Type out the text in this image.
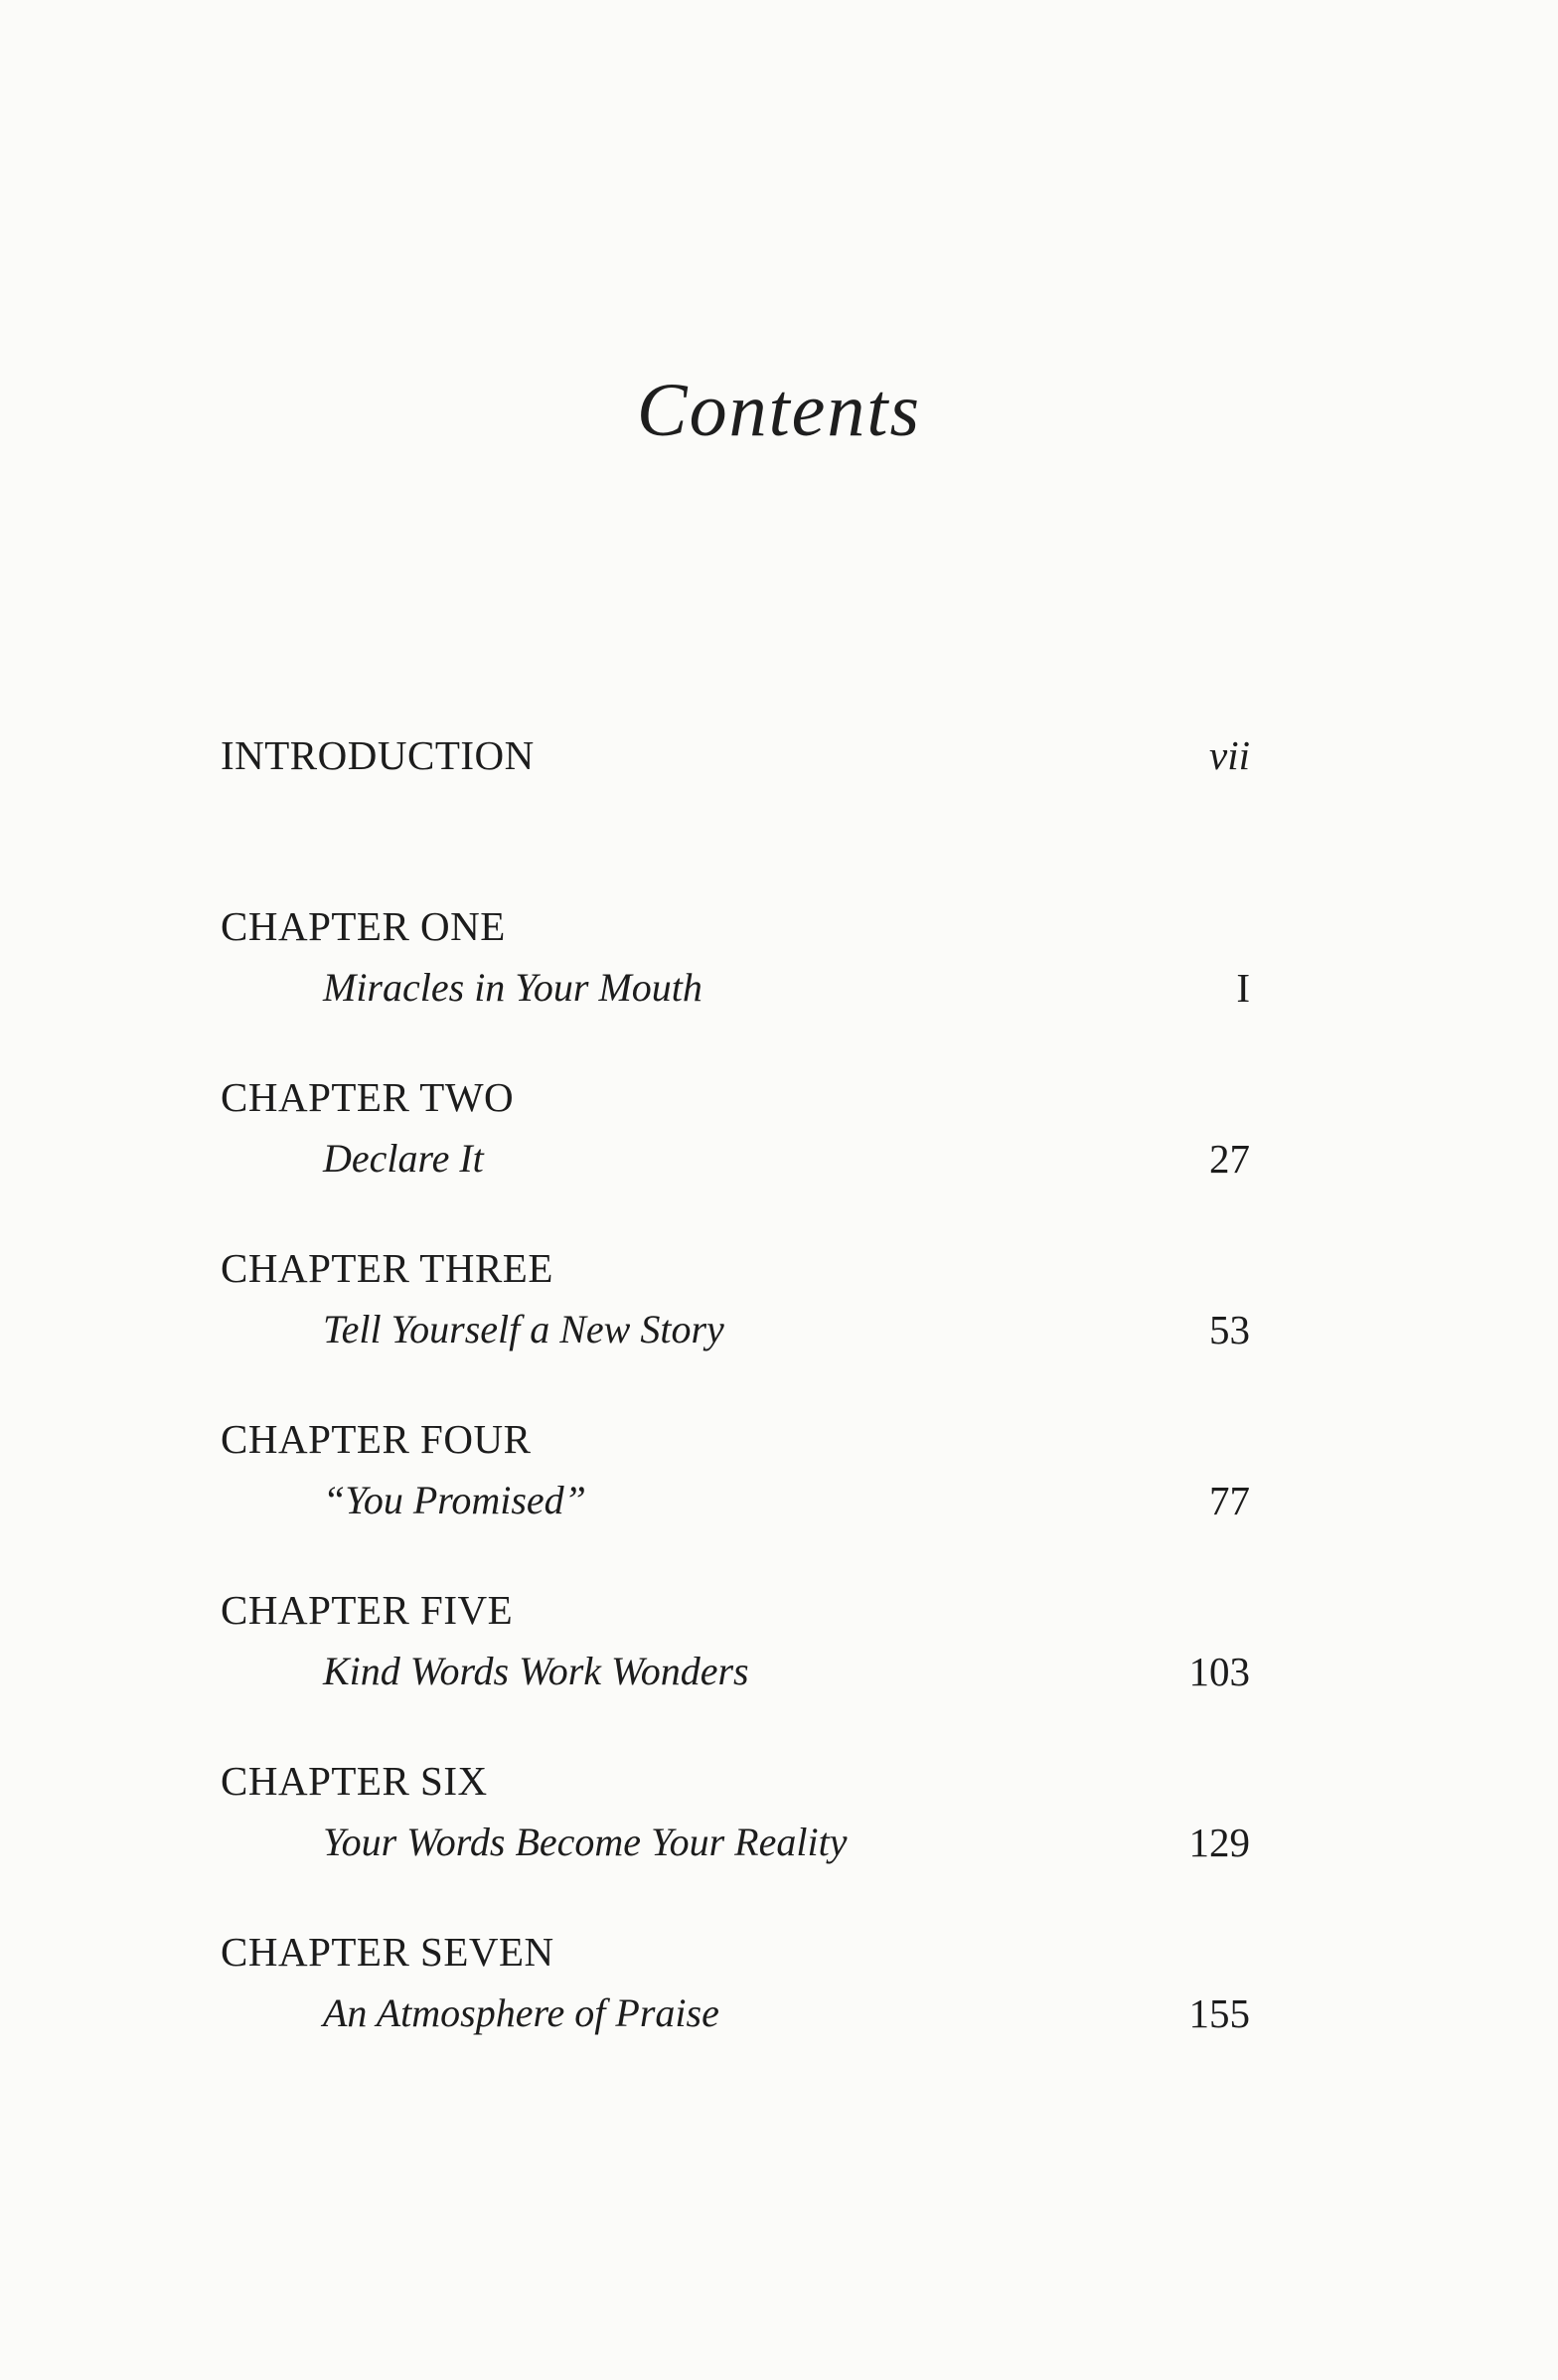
Contents
INTRODUCTION	vii
CHAPTER ONE
Miracles in Your Mouth	I
CHAPTER TWO
Declare It	27
CHAPTER THREE
Tell Yourself a New Story	53
CHAPTER FOUR
“You Promised”	77
CHAPTER FIVE
Kind Words Work Wonders	103
CHAPTER SIX
Your Words Become Your Reality	129
CHAPTER SEVEN
An Atmosphere of Praise	155
